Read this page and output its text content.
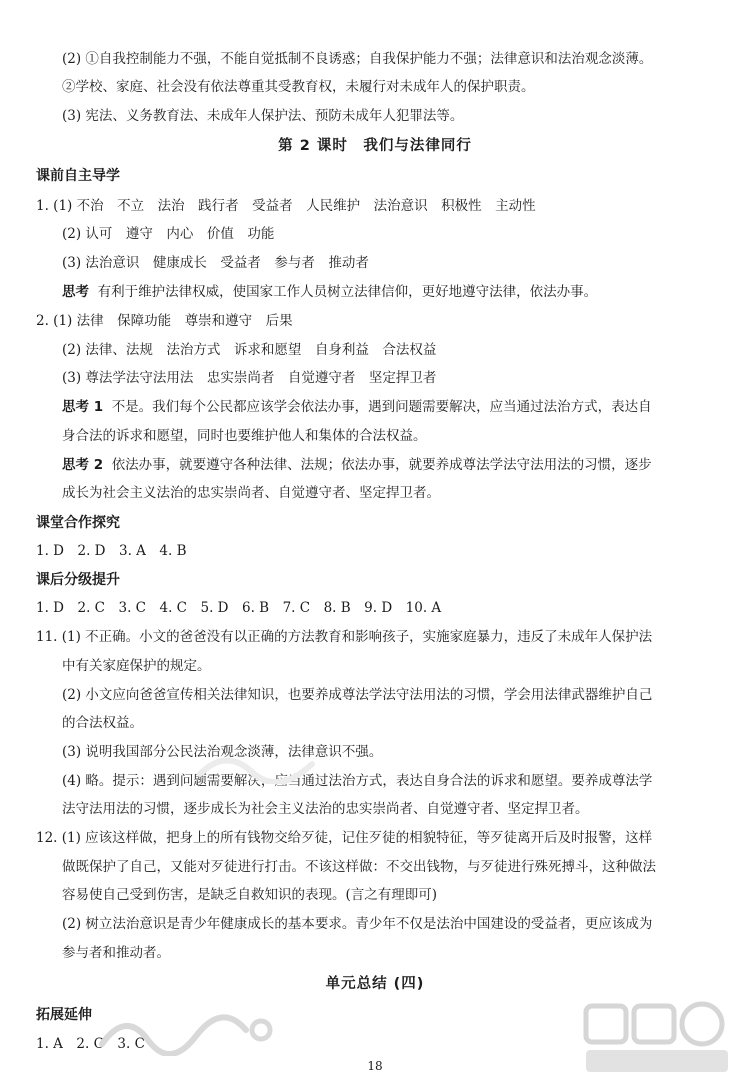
(2) ①自我控制能力不强，不能自觉抵制不良诱惑；自我保护能力不强；法律意识和法治观念淡薄。
②学校、家庭、社会没有依法尊重其受教育权，未履行对未成年人的保护职责。
(3) 宪法、义务教育法、未成年人保护法、预防未成年人犯罪法等。
第 2 课时　我们与法律同行
课前自主导学
1. (1) 不治　不立　法治　践行者　受益者　人民维护　法治意识　积极性　主动性
(2) 认可　遵守　内心　价值　功能
(3) 法治意识　健康成长　受益者　参与者　推动者
思考 有利于维护法律权威，使国家工作人员树立法律信仰，更好地遵守法律，依法办事。
2. (1) 法律　保障功能　尊崇和遵守　后果
(2) 法律、法规　法治方式　诉求和愿望　自身利益　合法权益
(3) 尊法学法守法用法　忠实崇尚者　自觉遵守者　坚定捍卫者
思考 1 不是。我们每个公民都应该学会依法办事，遇到问题需要解决，应当通过法治方式，表达自
身合法的诉求和愿望，同时也要维护他人和集体的合法权益。
思考 2 依法办事，就要遵守各种法律、法规；依法办事，就要养成尊法学法守法用法的习惯，逐步
成长为社会主义法治的忠实崇尚者、自觉遵守者、坚定捍卫者。
课堂合作探究
1. D　2. D　3. A　4. B
课后分级提升
1. D　2. C　3. C　4. C　5. D　6. B　7. C　8. B　9. D　10. A
11. (1) 不正确。小文的爸爸没有以正确的方法教育和影响孩子，实施家庭暴力，违反了未成年人保护法
中有关家庭保护的规定。
(2) 小文应向爸爸宣传相关法律知识，也要养成尊法学法守法用法的习惯，学会用法律武器维护自己
的合法权益。
(3) 说明我国部分公民法治观念淡薄，法律意识不强。
(4) 略。提示：遇到问题需要解决，应当通过法治方式，表达自身合法的诉求和愿望。要养成尊法学
法守法用法的习惯，逐步成长为社会主义法治的忠实崇尚者、自觉遵守者、坚定捍卫者。
12. (1) 应该这样做，把身上的所有钱物交给歹徒，记住歹徒的相貌特征，等歹徒离开后及时报警，这样
做既保护了自己，又能对歹徒进行打击。不该这样做：不交出钱物，与歹徒进行殊死搏斗，这种做法
容易使自己受到伤害，是缺乏自救知识的表现。(言之有理即可)
(2) 树立法治意识是青少年健康成长的基本要求。青少年不仅是法治中国建设的受益者，更应该成为
参与者和推动者。
单元总结 (四)
拓展延伸
1. A　2. C　3. C
18
